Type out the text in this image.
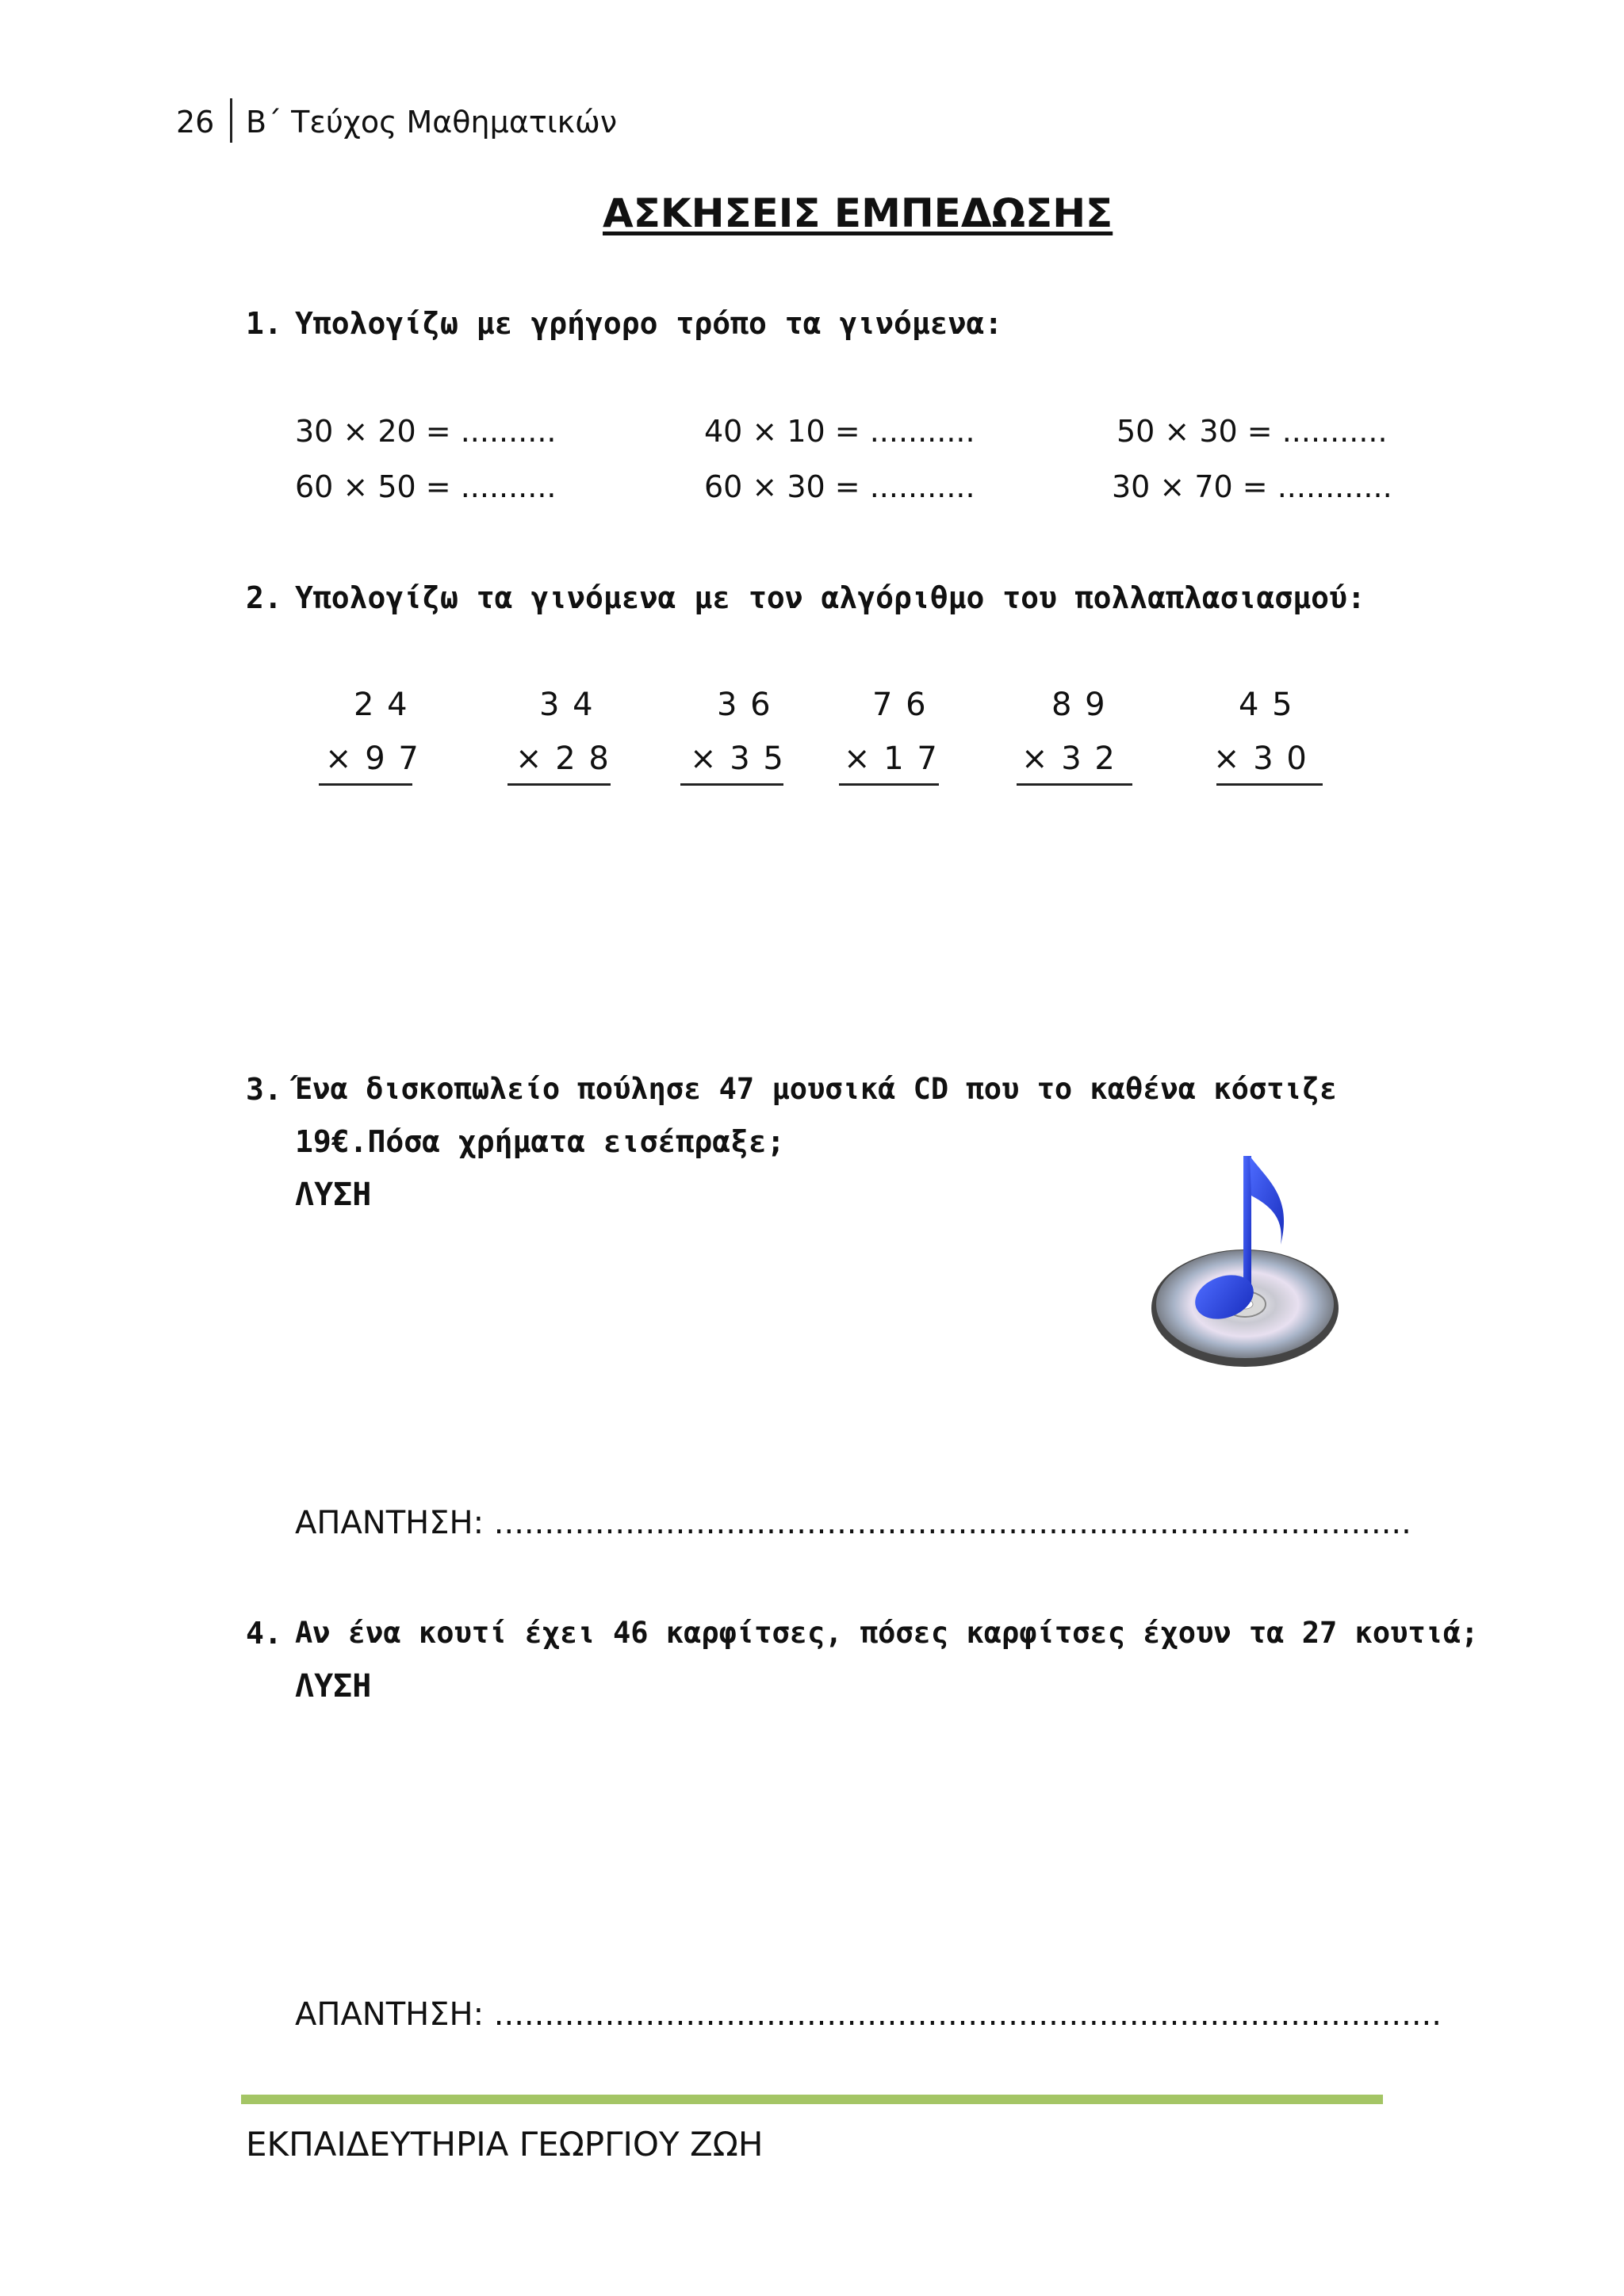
26 Β΄ Τεύχος Μαθηματικών
ΑΣΚΗΣΕΙΣ ΕΜΠΕΔΩΣΗΣ
1. Υπολογίζω με γρήγορο τρόπο τα γινόμενα:
30 × 20 = ..........	40 × 10 = ...........	50 × 30 = ...........
60 × 50 = ..........	60 × 30 = ...........	30 × 70 = ............
2. Υπολογίζω τα γινόμενα με τον αλγόριθμο του πολλαπλασιασμού:
2 4
× 9 7
3 4
× 2 8
3 6
× 3 5
7 6
× 1 7
8 9
× 3 2
4 5
× 3 0
3. Ένα δισκοπωλείο πούλησε 47 μουσικά CD που το καθένα κόστιζε
19€.Πόσα χρήματα εισέπραξε;
ΛΥΣΗ
ΑΠΑΝΤΗΣΗ: ...........................................................................................
4. Αν ένα κουτί έχει 46 καρφίτσες, πόσες καρφίτσες έχουν τα 27 κουτιά;
ΛΥΣΗ
ΑΠΑΝΤΗΣΗ: ..............................................................................................
ΕΚΠΑΙΔΕΥΤΗΡΙΑ ΓΕΩΡΓΙΟΥ ΖΩΗ
